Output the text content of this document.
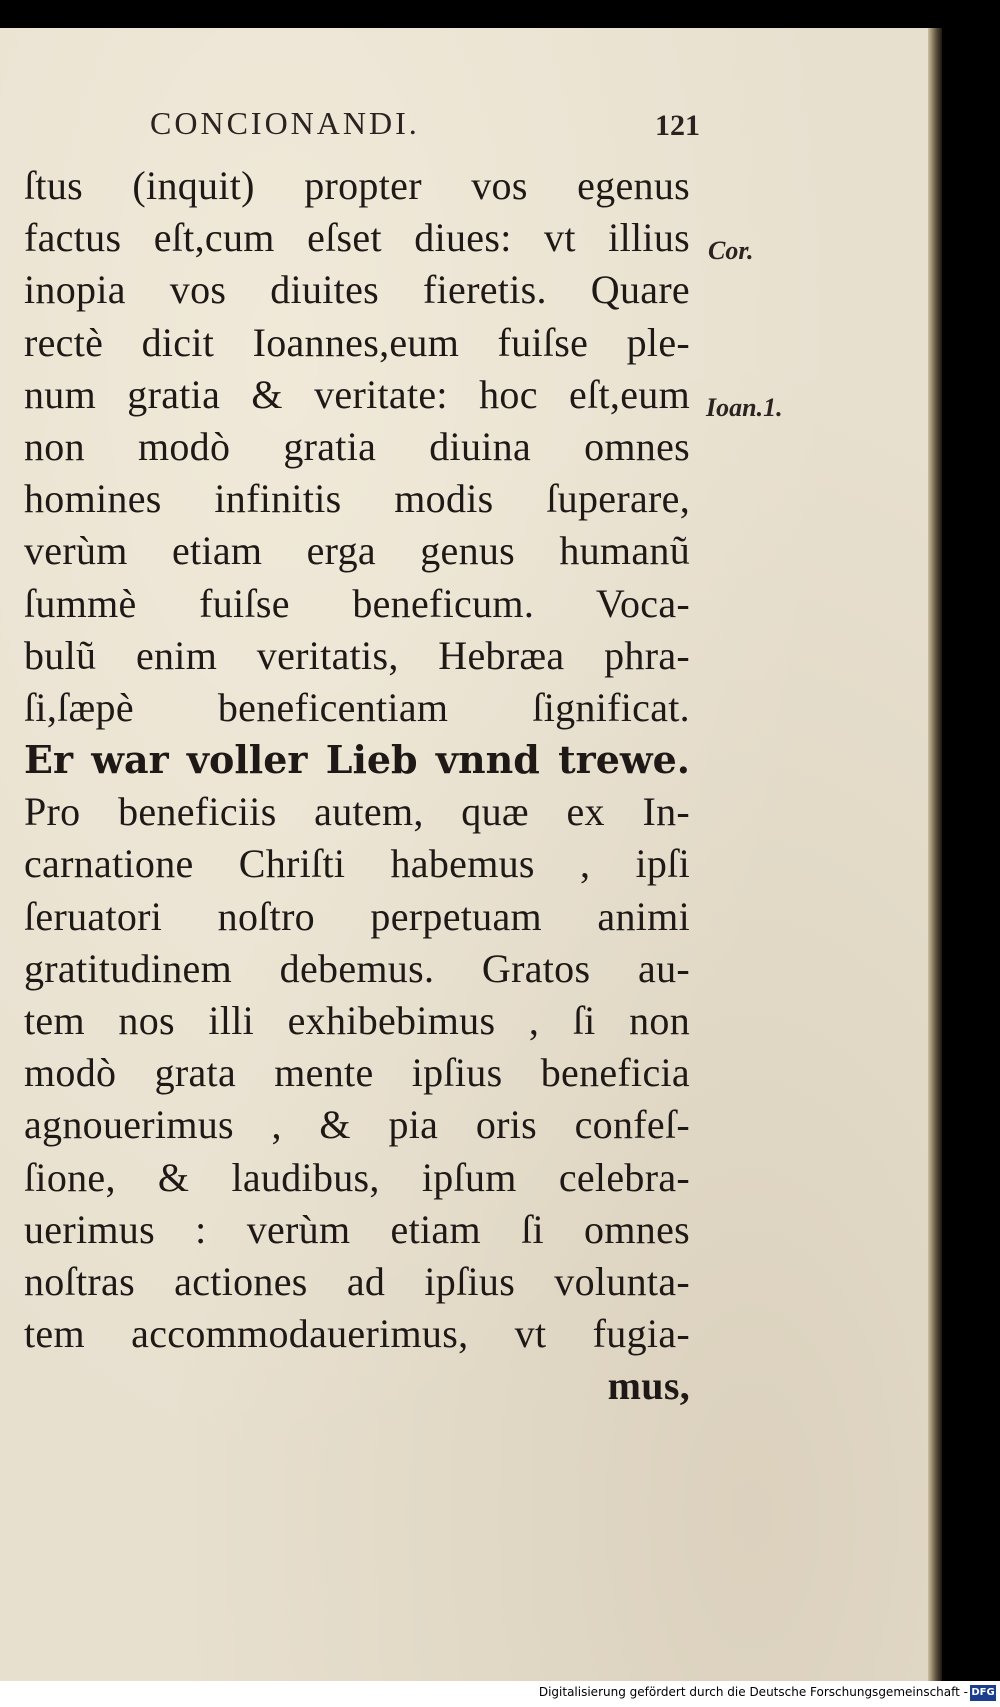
CONCIONANDI.	121
ſtus (inquit) propter vos egenus
factus eſt,cum eſset diues: vt illius
inopia vos diuites fieretis. Quare
rectè dicit Ioannes,eum fuiſse ple-
num gratia & veritate: hoc eſt,eum
non modò gratia diuina omnes
homines infinitis modis ſuperare,
verùm etiam erga genus humanũ
ſummè fuiſse beneficum. Voca-
bulũ enim veritatis, Hebræa phra-
ſi,ſæpè beneficentiam ſignificat.
Er war voller Lieb vnnd trewe.
Pro beneficiis autem, quæ ex In-
carnatione Chriſti habemus , ipſi
ſeruatori noſtro perpetuam animi
gratitudinem debemus. Gratos au-
tem nos illi exhibebimus , ſi non
modò grata mente ipſius beneficia
agnouerimus , & pia oris confeſ-
ſione, & laudibus, ipſum celebra-
uerimus : verùm etiam ſi omnes
noſtras actiones ad ipſius volunta-
tem accommodauerimus, vt fugia-
mus,
Cor.
Ioan.1.
Digitalisierung gefördert durch die Deutsche Forschungsgemeinschaft - DFG
